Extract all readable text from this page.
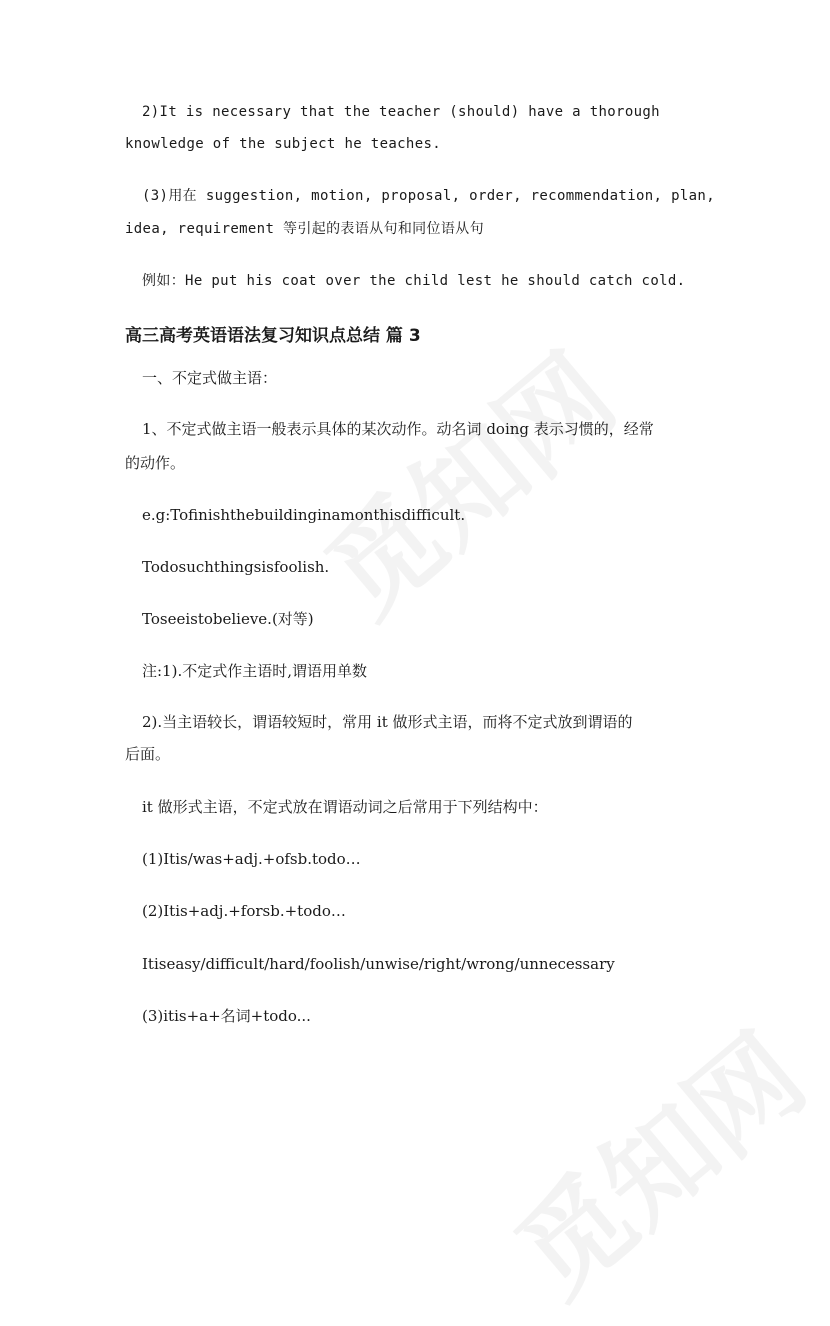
2)It is necessary that the teacher (should) have a thorough
knowledge of the subject he teaches.
(3)用在 suggestion, motion, proposal, order, recommendation, plan,
idea, requirement 等引起的表语从句和同位语从句
例如：He put his coat over the child lest he should catch cold.
高三高考英语语法复习知识点总结 篇 3
一、不定式做主语：
1、不定式做主语一般表示具体的某次动作。动名词 doing 表示习惯的，经常
的动作。
e.g:Tofinishthebuildinginamonthisdifficult.
Todosuchthingsisfoolish.
Toseeistobelieve.(对等)
注:1).不定式作主语时,谓语用单数
2).当主语较长，谓语较短时，常用 it 做形式主语，而将不定式放到谓语的
后面。
it 做形式主语，不定式放在谓语动词之后常用于下列结构中：
(1)Itis/was+adj.+ofsb.todo…
(2)Itis+adj.+forsb.+todo…
Itiseasy/difficult/hard/foolish/unwise/right/wrong/unnecessary
(3)itis+a+名词+todo...
